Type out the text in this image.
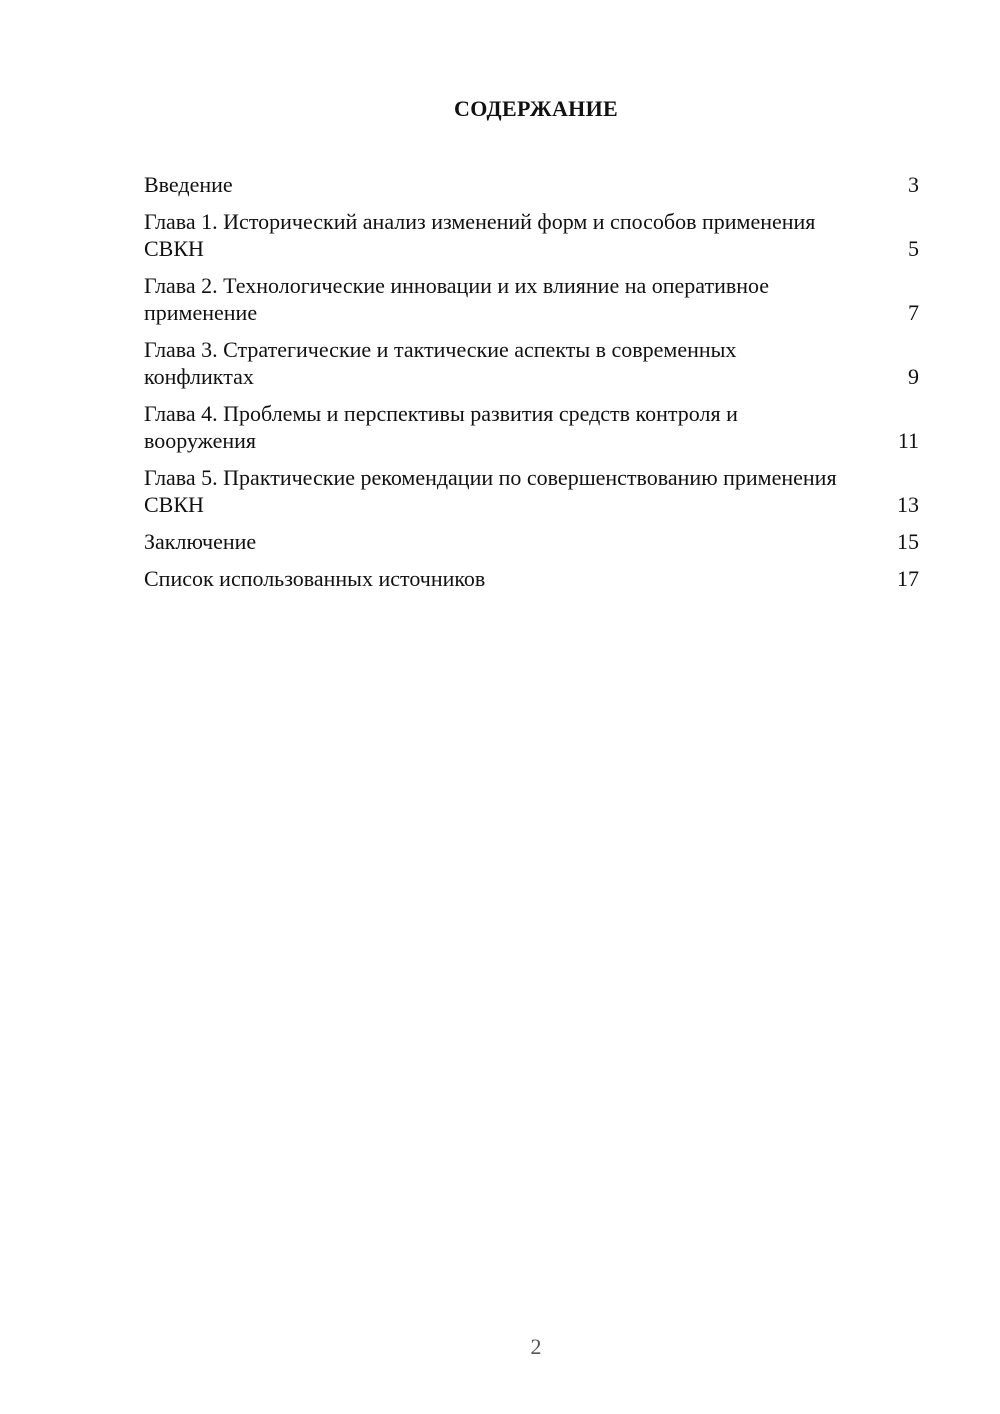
СОДЕРЖАНИЕ
Введение	3
Глава 1. Исторический анализ изменений форм и способов применения СВКН	5
Глава 2. Технологические инновации и их влияние на оперативное применение	7
Глава 3. Стратегические и тактические аспекты в современных конфликтах	9
Глава 4. Проблемы и перспективы развития средств контроля и вооружения	11
Глава 5. Практические рекомендации по совершенствованию применения СВКН	13
Заключение	15
Список использованных источников	17
2
